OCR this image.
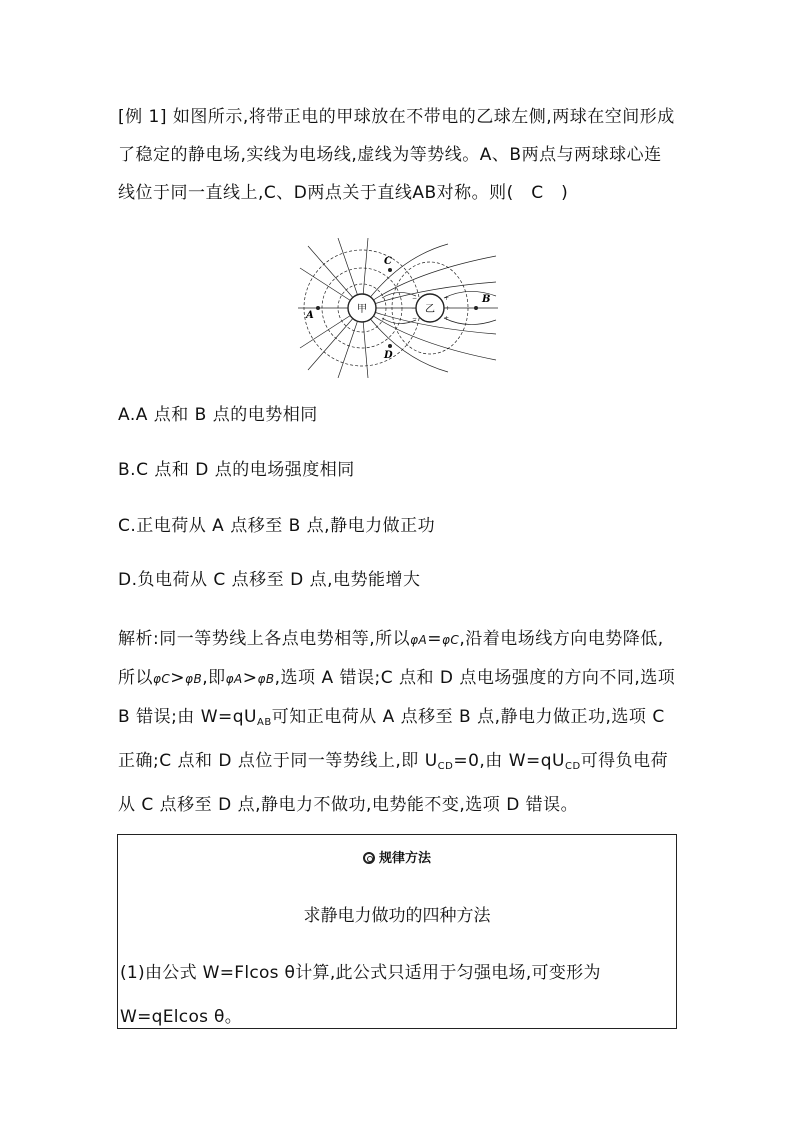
[例 1] 如图所示,将带正电的甲球放在不带电的乙球左侧,两球在空间形成了稳定的静电场,实线为电场线,虚线为等势线。A、B两点与两球球心连线位于同一直线上,C、D两点关于直线AB对称。则(　C　)
甲	乙
−
−
−
+
+
+
A
B
C
D
A.A 点和 B 点的电势相同
B.C 点和 D 点的电场强度相同
C.正电荷从 A 点移至 B 点,静电力做正功
D.负电荷从 C 点移至 D 点,电势能增大
解析:同一等势线上各点电势相等,所以φA=φC,沿着电场线方向电势降低,所以φC>φB,即φA>φB,选项 A 错误;C 点和 D 点电场强度的方向不同,选项 B 错误;由 $W=qU_{AB}$可知正电荷从 A 点移至 B 点,静电力做正功,选项 C 正确;C 点和 D 点位于同一等势线上,即 $U_{CD}=0$,由 $W=qU_{CD}$可得负电荷从 C 点移至 D 点,静电力不做功,电势能不变,选项 D 错误。
规律方法
求静电力做功的四种方法
(1)由公式 W=Flcos θ计算,此公式只适用于匀强电场,可变形为W=qElcos θ。
